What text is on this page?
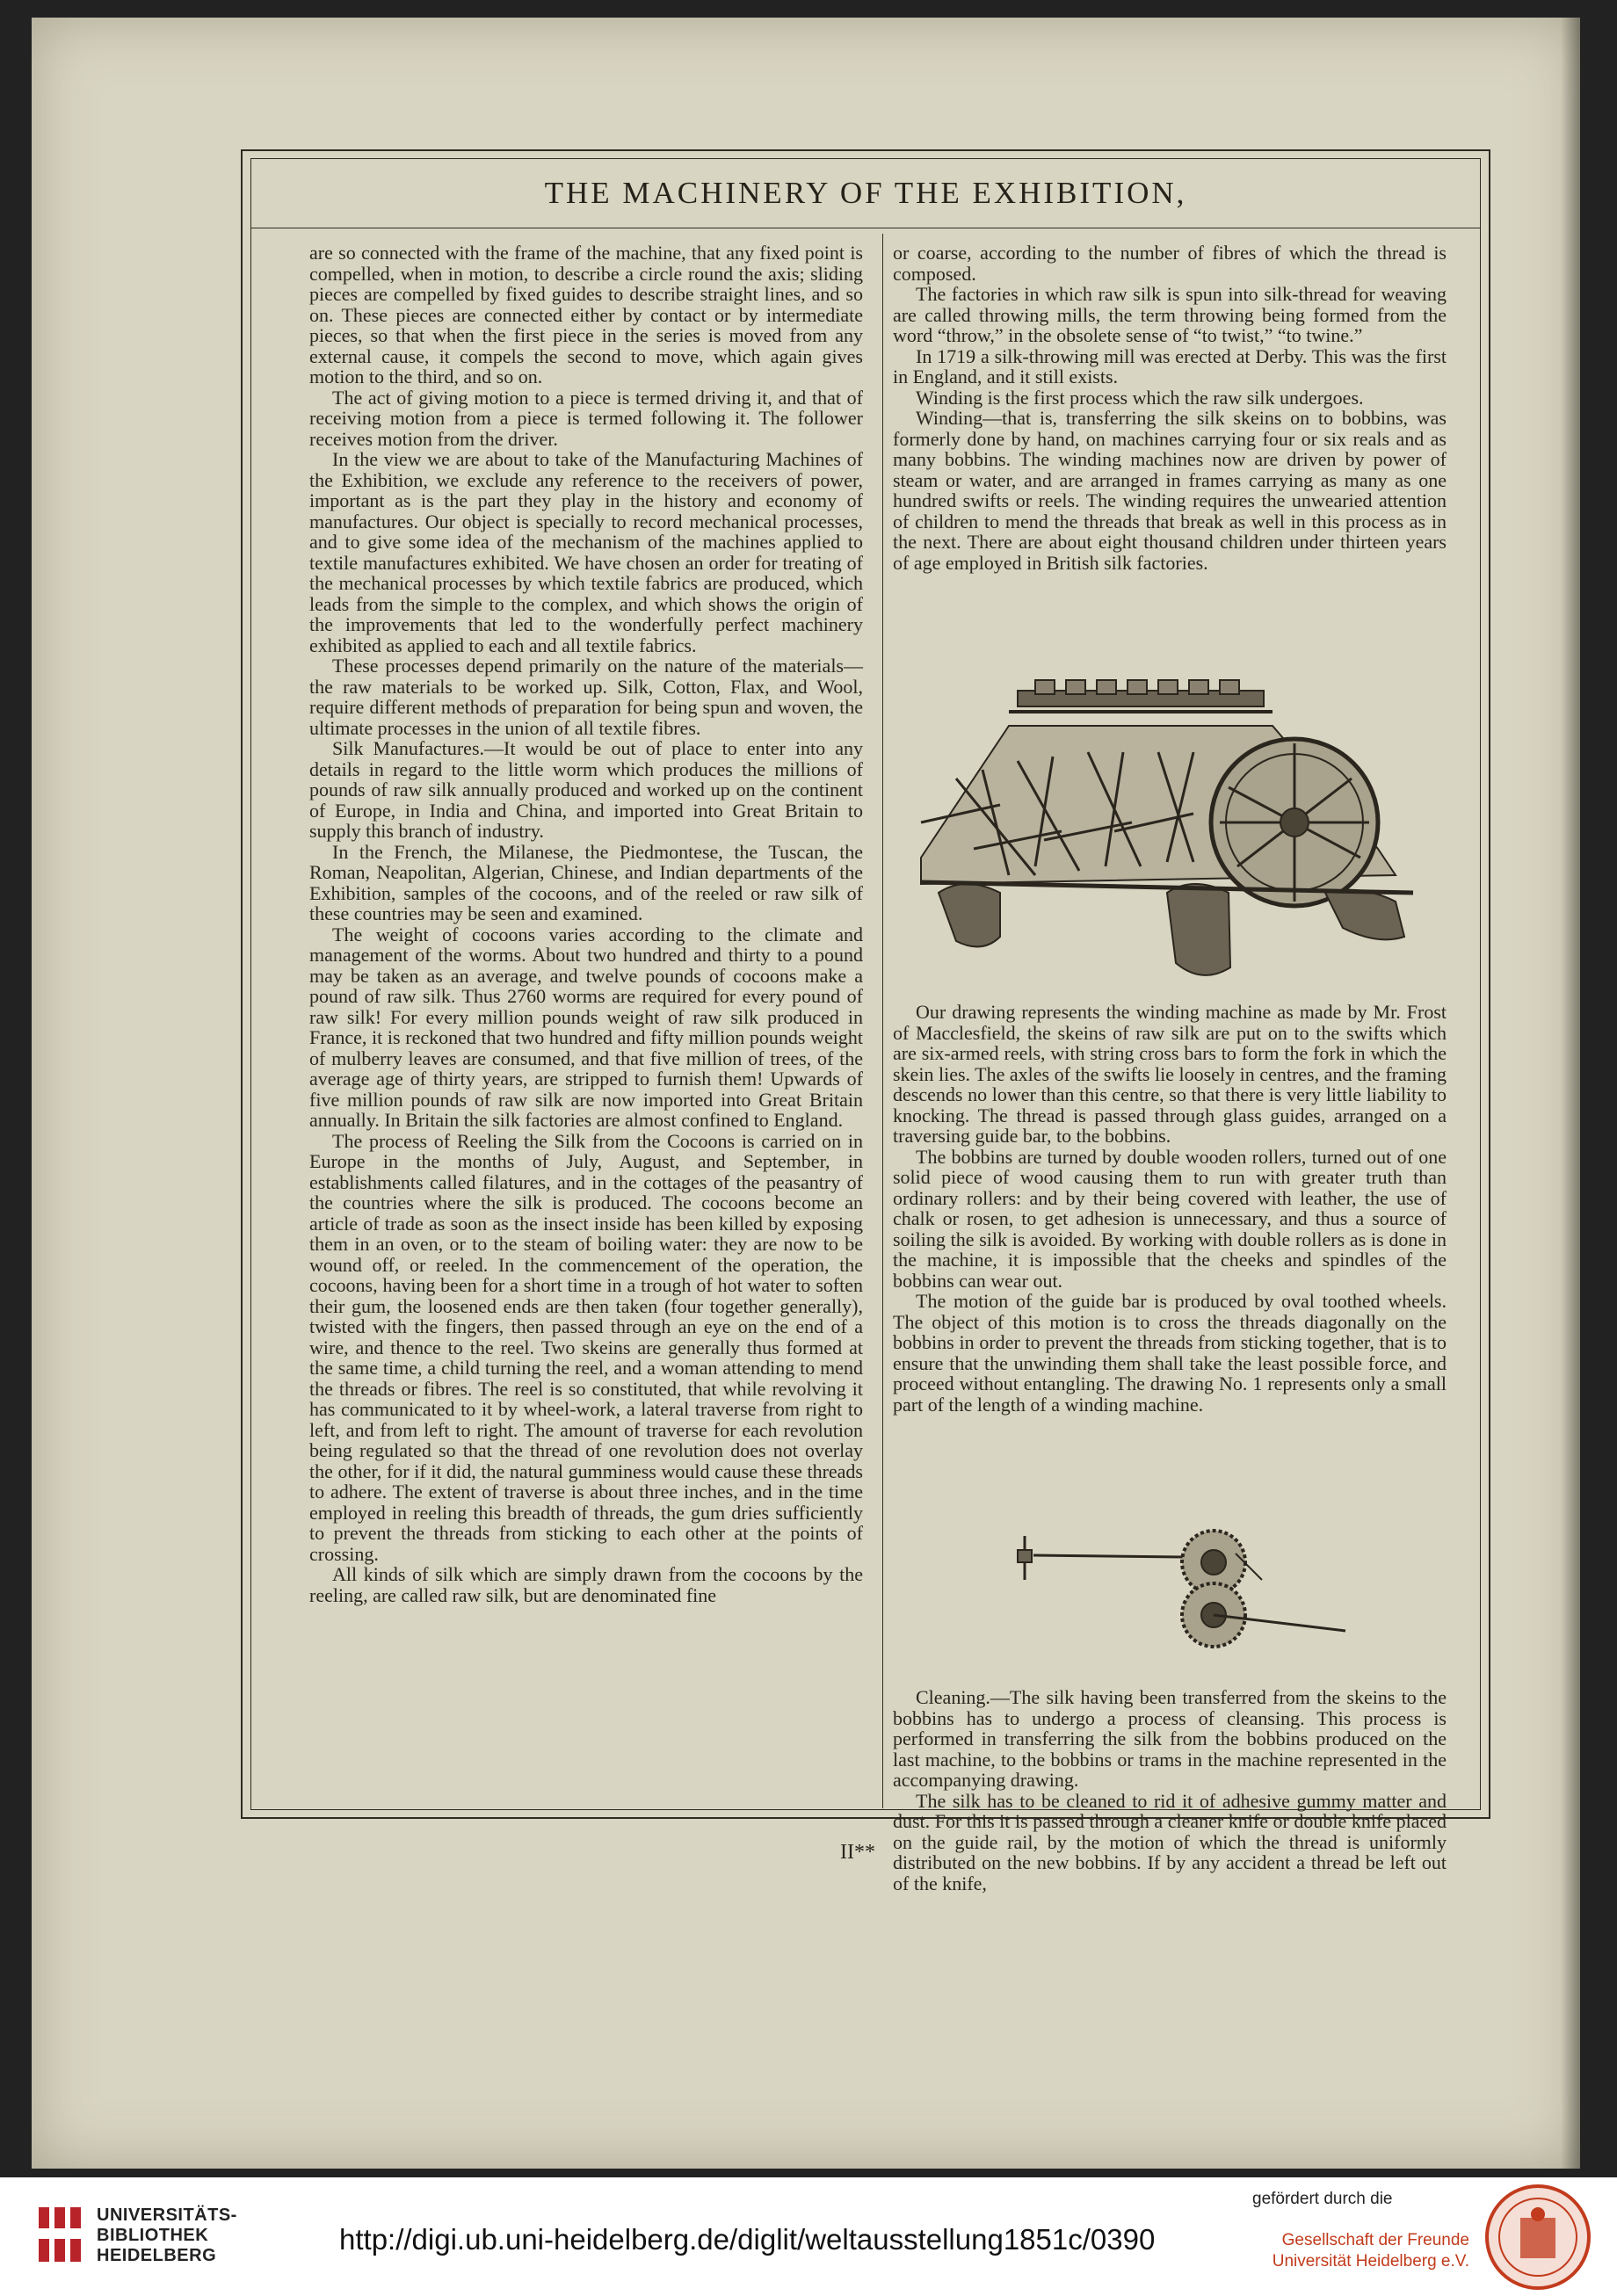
THE MACHINERY OF THE EXHIBITION,

are so connected with the frame of the machine, that any fixed point is compelled, when in motion, to describe a circle round the axis; sliding pieces are compelled by fixed guides to describe straight lines, and so on. These pieces are connected either by contact or by intermediate pieces, so that when the first piece in the series is moved from any external cause, it compels the second to move, which again gives motion to the third, and so on.

The act of giving motion to a piece is termed driving it, and that of receiving motion from a piece is termed following it. The follower receives motion from the driver.

In the view we are about to take of the Manufacturing Machines of the Exhibition, we exclude any reference to the receivers of power, important as is the part they play in the history and economy of manufactures. Our object is specially to record mechanical processes, and to give some idea of the mechanism of the machines applied to textile manufactures exhibited. We have chosen an order for treating of the mechanical processes by which textile fabrics are produced, which leads from the simple to the complex, and which shows the origin of the improvements that led to the wonderfully perfect machinery exhibited as applied to each and all textile fabrics.

These processes depend primarily on the nature of the materials—the raw materials to be worked up. Silk, Cotton, Flax, and Wool, require different methods of preparation for being spun and woven, the ultimate processes in the union of all textile fibres.

Silk Manufactures.—It would be out of place to enter into any details in regard to the little worm which produces the millions of pounds of raw silk annually produced and worked up on the continent of Europe, in India and China, and imported into Great Britain to supply this branch of industry.

In the French, the Milanese, the Piedmontese, the Tuscan, the Roman, Neapolitan, Algerian, Chinese, and Indian departments of the Exhibition, samples of the cocoons, and of the reeled or raw silk of these countries may be seen and examined.

The weight of cocoons varies according to the climate and management of the worms. About two hundred and thirty to a pound may be taken as an average, and twelve pounds of cocoons make a pound of raw silk. Thus 2760 worms are required for every pound of raw silk! For every million pounds weight of raw silk produced in France, it is reckoned that two hundred and fifty million pounds weight of mulberry leaves are consumed, and that five million of trees, of the average age of thirty years, are stripped to furnish them! Upwards of five million pounds of raw silk are now imported into Great Britain annually. In Britain the silk factories are almost confined to England.

The process of Reeling the Silk from the Cocoons is carried on in Europe in the months of July, August, and September, in establishments called filatures, and in the cottages of the peasantry of the countries where the silk is produced. The cocoons become an article of trade as soon as the insect inside has been killed by exposing them in an oven, or to the steam of boiling water: they are now to be wound off, or reeled. In the commencement of the operation, the cocoons, having been for a short time in a trough of hot water to soften their gum, the loosened ends are then taken (four together generally), twisted with the fingers, then passed through an eye on the end of a wire, and thence to the reel. Two skeins are generally thus formed at the same time, a child turning the reel, and a woman attending to mend the threads or fibres. The reel is so constituted, that while revolving it has communicated to it by wheel-work, a lateral traverse from right to left, and from left to right. The amount of traverse for each revolution being regulated so that the thread of one revolution does not overlay the other, for if it did, the natural gumminess would cause these threads to adhere. The extent of traverse is about three inches, and in the time employed in reeling this breadth of threads, the gum dries sufficiently to prevent the threads from sticking to each other at the points of crossing.

All kinds of silk which are simply drawn from the cocoons by the reeling, are called raw silk, but are denominated fine

or coarse, according to the number of fibres of which the thread is composed.

The factories in which raw silk is spun into silk-thread for weaving are called throwing mills, the term throwing being formed from the word “throw,” in the obsolete sense of “to twist,” “to twine.”

In 1719 a silk-throwing mill was erected at Derby. This was the first in England, and it still exists.

Winding is the first process which the raw silk undergoes.

Winding—that is, transferring the silk skeins on to bobbins, was formerly done by hand, on machines carrying four or six reals and as many bobbins. The winding machines now are driven by power of steam or water, and are arranged in frames carrying as many as one hundred swifts or reels. The winding requires the unwearied attention of children to mend the threads that break as well in this process as in the next. There are about eight thousand children under thirteen years of age employed in British silk factories.

Our drawing represents the winding machine as made by Mr. Frost of Macclesfield, the skeins of raw silk are put on to the swifts which are six-armed reels, with string cross bars to form the fork in which the skein lies. The axles of the swifts lie loosely in centres, and the framing descends no lower than this centre, so that there is very little liability to knocking. The thread is passed through glass guides, arranged on a traversing guide bar, to the bobbins.

The bobbins are turned by double wooden rollers, turned out of one solid piece of wood causing them to run with greater truth than ordinary rollers: and by their being covered with leather, the use of chalk or rosen, to get adhesion is unnecessary, and thus a source of soiling the silk is avoided. By working with double rollers as is done in the machine, it is impossible that the cheeks and spindles of the bobbins can wear out.

The motion of the guide bar is produced by oval toothed wheels. The object of this motion is to cross the threads diagonally on the bobbins in order to prevent the threads from sticking together, that is to ensure that the unwinding them shall take the least possible force, and proceed without entangling. The drawing No. 1 represents only a small part of the length of a winding machine.

Cleaning.—The silk having been transferred from the skeins to the bobbins has to undergo a process of cleansing. This process is performed in transferring the silk from the bobbins produced on the last machine, to the bobbins or trams in the machine represented in the accompanying drawing.

The silk has to be cleaned to rid it of adhesive gummy matter and dust. For this it is passed through a cleaner knife or double knife placed on the guide rail, by the motion of which the thread is uniformly distributed on the new bobbins. If by any accident a thread be left out of the knife,

II**
UNIVERSITÄTS-
BIBLIOTHEK
HEIDELBERG	http://digi.ub.uni-heidelberg.de/diglit/weltausstellung1851c/0390
gefördert durch die
Gesellschaft der Freunde
Universität Heidelberg e.V.
